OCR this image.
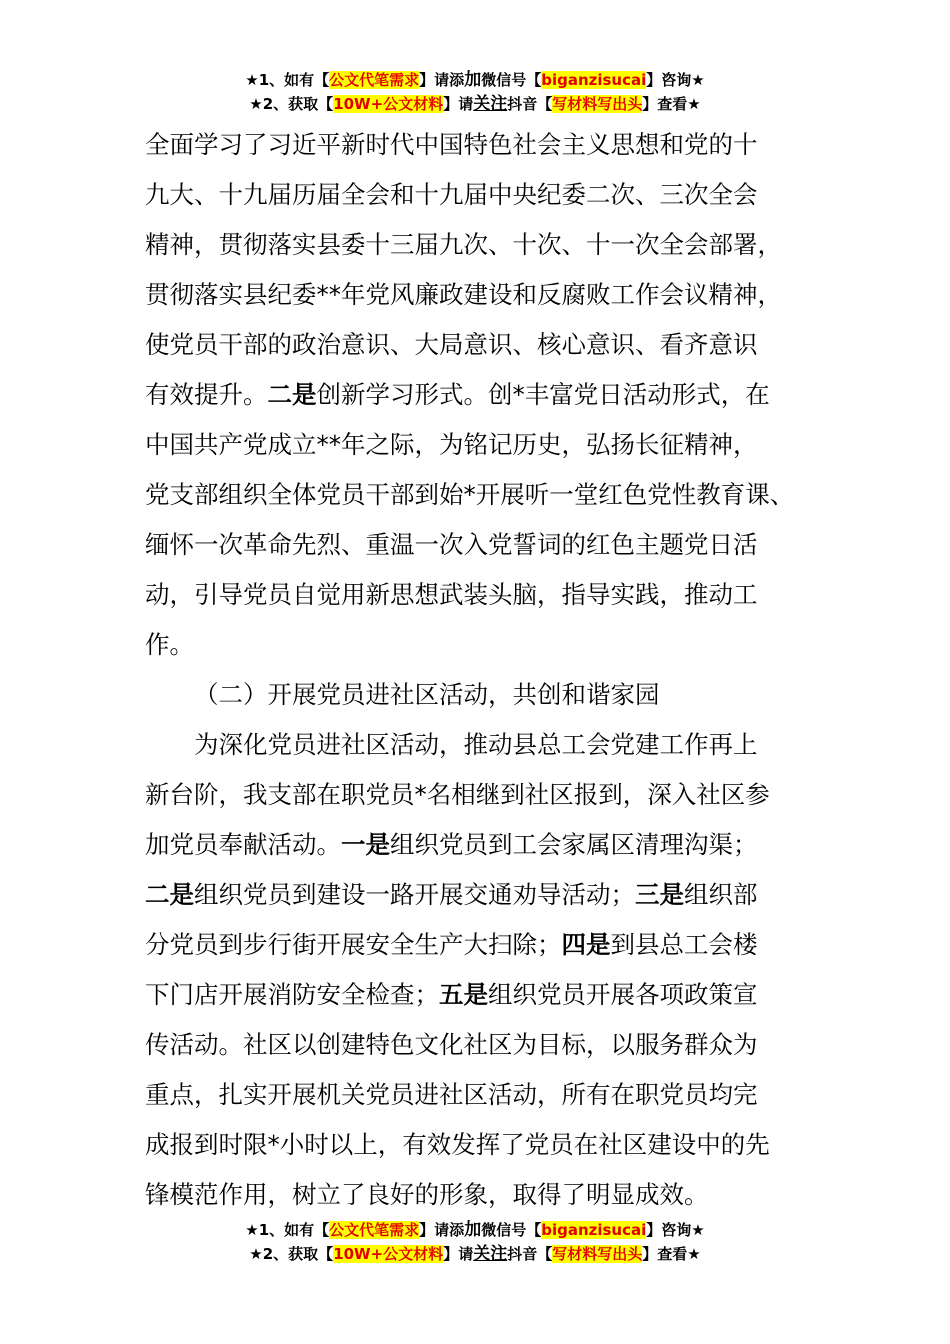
★1、如有【公文代笔需求】请添加微信号【biganzisucai】咨询★
★2、获取【10W+公文材料】请关注抖音【写材料写出头】查看★

全面学习了习近平新时代中国特色社会主义思想和党的十

九大、十九届历届全会和十九届中央纪委二次、三次全会

精神，贯彻落实县委十三届九次、十次、十一次全会部署，

贯彻落实县纪委**年党风廉政建设和反腐败工作会议精神，

使党员干部的政治意识、大局意识、核心意识、看齐意识

有效提升。二是创新学习形式。创*丰富党日活动形式，在

中国共产党成立**年之际，为铭记历史，弘扬长征精神，

党支部组织全体党员干部到始*开展听一堂红色党性教育课、

缅怀一次革命先烈、重温一次入党誓词的红色主题党日活

动，引导党员自觉用新思想武装头脑，指导实践，推动工

作。

（二）开展党员进社区活动，共创和谐家园

为深化党员进社区活动，推动县总工会党建工作再上

新台阶，我支部在职党员*名相继到社区报到，深入社区参

加党员奉献活动。一是组织党员到工会家属区清理沟渠；

二是组织党员到建设一路开展交通劝导活动；三是组织部

分党员到步行街开展安全生产大扫除；四是到县总工会楼

下门店开展消防安全检查；五是组织党员开展各项政策宣

传活动。社区以创建特色文化社区为目标，以服务群众为

重点，扎实开展机关党员进社区活动，所有在职党员均完

成报到时限*小时以上，有效发挥了党员在社区建设中的先

锋模范作用，树立了良好的形象，取得了明显成效。

★1、如有【公文代笔需求】请添加微信号【biganzisucai】咨询★
★2、获取【10W+公文材料】请关注抖音【写材料写出头】查看★
